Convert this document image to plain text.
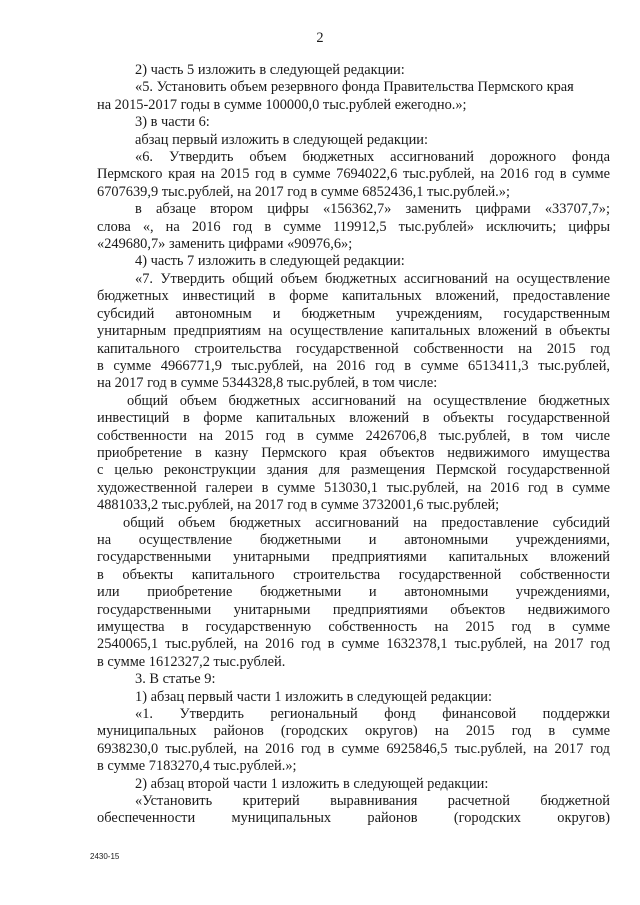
2
2) часть 5 изложить в следующей редакции:
«5. Установить объем резервного фонда Правительства Пермского края
на 2015-2017 годы в сумме 100000,0 тыс.рублей ежегодно.»;
3) в части 6:
абзац первый изложить в следующей редакции:
«6. Утвердить объем бюджетных ассигнований дорожного фонда
Пермского края на 2015 год в сумме 7694022,6 тыс.рублей, на 2016 год в сумме
6707639,9 тыс.рублей, на 2017 год в сумме 6852436,1 тыс.рублей.»;
в абзаце втором цифры «156362,7» заменить цифрами «33707,7»;
слова «, на 2016 год в сумме 119912,5 тыс.рублей» исключить; цифры
«249680,7» заменить цифрами «90976,6»;
4) часть 7 изложить в следующей редакции:
«7. Утвердить общий объем бюджетных ассигнований на осуществление
бюджетных инвестиций в форме капитальных вложений, предоставление
субсидий автономным и бюджетным учреждениям, государственным
унитарным предприятиям на осуществление капитальных вложений в объекты
капитального строительства государственной собственности на 2015 год
в сумме 4966771,9 тыс.рублей, на 2016 год в сумме 6513411,3 тыс.рублей,
на 2017 год в сумме 5344328,8 тыс.рублей, в том числе:
общий объем бюджетных ассигнований на осуществление бюджетных
инвестиций в форме капитальных вложений в объекты государственной
собственности на 2015 год в сумме 2426706,8 тыс.рублей, в том числе
приобретение в казну Пермского края объектов недвижимого имущества
с целью реконструкции здания для размещения Пермской государственной
художественной галереи в сумме 513030,1 тыс.рублей, на 2016 год в сумме
4881033,2 тыс.рублей, на 2017 год в сумме 3732001,6 тыс.рублей;
общий объем бюджетных ассигнований на предоставление субсидий
на осуществление бюджетными и автономными учреждениями,
государственными унитарными предприятиями капитальных вложений
в объекты капитального строительства государственной собственности
или приобретение бюджетными и автономными учреждениями,
государственными унитарными предприятиями объектов недвижимого
имущества в государственную собственность на 2015 год в сумме
2540065,1 тыс.рублей, на 2016 год в сумме 1632378,1 тыс.рублей, на 2017 год
в сумме 1612327,2 тыс.рублей.
3. В статье 9:
1) абзац первый части 1 изложить в следующей редакции:
«1. Утвердить региональный фонд финансовой поддержки
муниципальных районов (городских округов) на 2015 год в сумме
6938230,0 тыс.рублей, на 2016 год в сумме 6925846,5 тыс.рублей, на 2017 год
в сумме 7183270,4 тыс.рублей.»;
2) абзац второй части 1 изложить в следующей редакции:
«Установить критерий выравнивания расчетной бюджетной
обеспеченности муниципальных районов (городских округов)
2430-15
